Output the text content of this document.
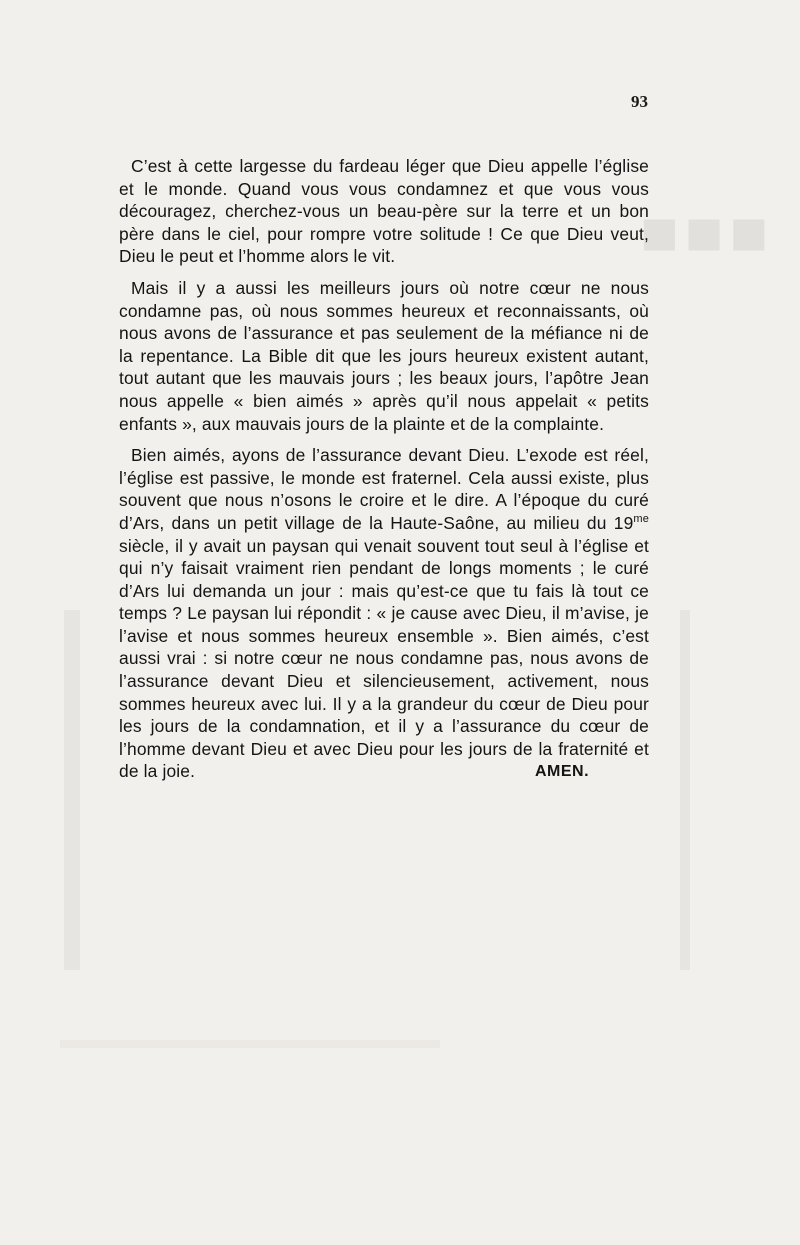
■■■
93

C’est à cette largesse du fardeau léger que Dieu appelle l’église et le monde. Quand vous vous condamnez et que vous vous découragez, cherchez-vous un beau-père sur la terre et un bon père dans le ciel, pour rompre votre solitude ! Ce que Dieu veut, Dieu le peut et l’homme alors le vit.

Mais il y a aussi les meilleurs jours où notre cœur ne nous condamne pas, où nous sommes heureux et reconnaissants, où nous avons de l’assurance et pas seulement de la méfiance ni de la repentance. La Bible dit que les jours heureux existent autant, tout autant que les mauvais jours ; les beaux jours, l’apôtre Jean nous appelle « bien aimés » après qu’il nous appelait « petits enfants », aux mauvais jours de la plainte et de la complainte.

Bien aimés, ayons de l’assurance devant Dieu. L’exode est réel, l’église est passive, le monde est fraternel. Cela aussi existe, plus souvent que nous n’osons le croire et le dire. A l’époque du curé d’Ars, dans un petit village de la Haute-Saône, au milieu du $19^{me}$ siècle, il y avait un paysan qui venait souvent tout seul à l’église et qui n’y faisait vraiment rien pendant de longs moments ; le curé d’Ars lui demanda un jour : mais qu’est-ce que tu fais là tout ce temps ? Le paysan lui répondit : « je cause avec Dieu, il m’avise, je l’avise et nous sommes heureux ensemble ». Bien aimés, c’est aussi vrai : si notre cœur ne nous condamne pas, nous avons de l’assurance devant Dieu et silencieusement, activement, nous sommes heureux avec lui. Il y a la grandeur du cœur de Dieu pour les jours de la condamnation, et il y a l’assurance du cœur de l’homme devant Dieu et avec Dieu pour les jours de la fraternité et de la joie.	AMEN.
